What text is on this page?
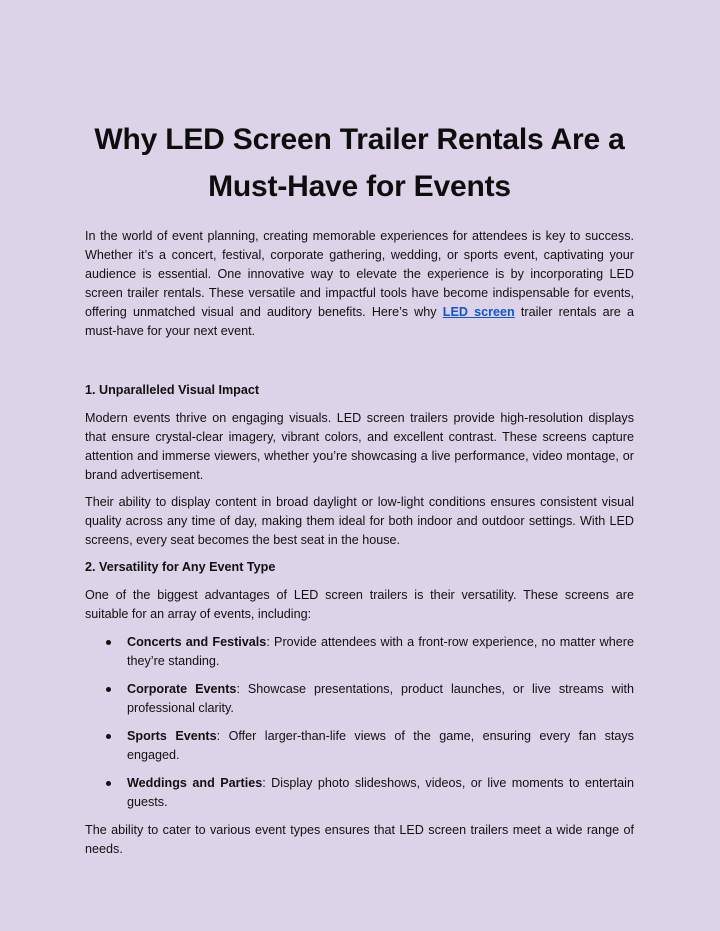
Why LED Screen Trailer Rentals Are a Must-Have for Events

In the world of event planning, creating memorable experiences for attendees is key to success. Whether it’s a concert, festival, corporate gathering, wedding, or sports event, captivating your audience is essential. One innovative way to elevate the experience is by incorporating LED screen trailer rentals. These versatile and impactful tools have become indispensable for events, offering unmatched visual and auditory benefits. Here’s why LED screen trailer rentals are a must-have for your next event.

1. Unparalleled Visual Impact

Modern events thrive on engaging visuals. LED screen trailers provide high-resolution displays that ensure crystal-clear imagery, vibrant colors, and excellent contrast. These screens capture attention and immerse viewers, whether you’re showcasing a live performance, video montage, or brand advertisement.

Their ability to display content in broad daylight or low-light conditions ensures consistent visual quality across any time of day, making them ideal for both indoor and outdoor settings. With LED screens, every seat becomes the best seat in the house.

2. Versatility for Any Event Type

One of the biggest advantages of LED screen trailers is their versatility. These screens are suitable for an array of events, including:

Concerts and Festivals: Provide attendees with a front-row experience, no matter where they’re standing.
Corporate Events: Showcase presentations, product launches, or live streams with professional clarity.
Sports Events: Offer larger-than-life views of the game, ensuring every fan stays engaged.
Weddings and Parties: Display photo slideshows, videos, or live moments to entertain guests.

The ability to cater to various event types ensures that LED screen trailers meet a wide range of needs.
